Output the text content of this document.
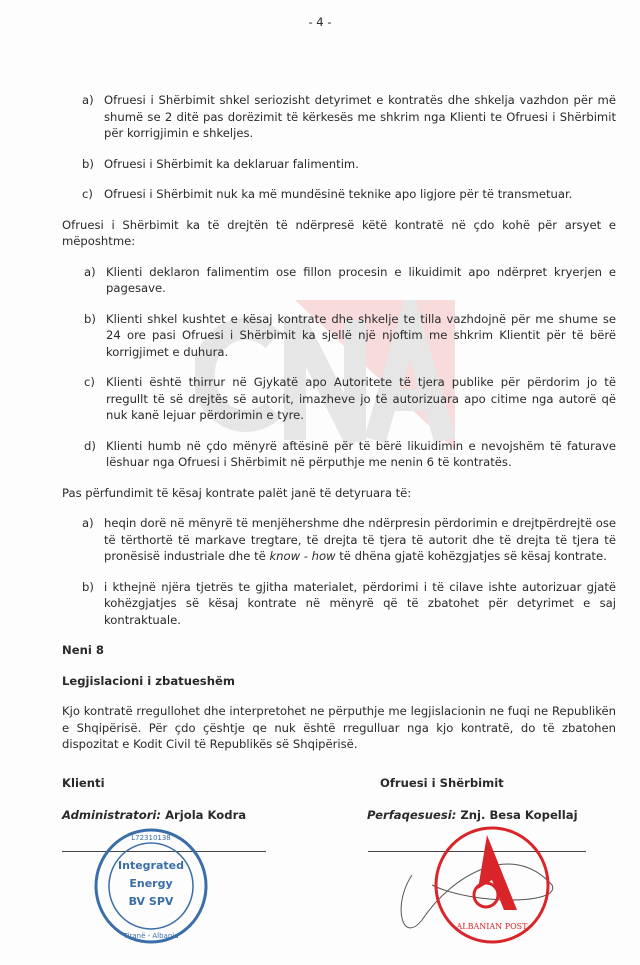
- 4 -
a) Ofruesi i Shërbimit shkel seriozisht detyrimet e kontratës dhe shkelja vazhdon për më shumë se 2 ditë pas dorëzimit të kërkesës me shkrim nga Klienti te Ofruesi i Shërbimit për korrigjimin e shkeljes.
b) Ofruesi i Shërbimit ka deklaruar falimentim.
c) Ofruesi i Shërbimit nuk ka më mundësinë teknike apo ligjore për të transmetuar.
Ofruesi i Shërbimit ka të drejtën të ndërpresë këtë kontratë në çdo kohë për arsyet e mëposhtme:
a) Klienti deklaron falimentim ose fillon procesin e likuidimit apo ndërpret kryerjen e pagesave.
b) Klienti shkel kushtet e kësaj kontrate dhe shkelje te tilla vazhdojnë për me shume se 24 ore pasi Ofruesi i Shërbimit ka sjellë një njoftim me shkrim Klientit për të bërë korrigjimet e duhura.
c) Klienti është thirrur në Gjykatë apo Autoritete të tjera publike për përdorim jo të rregullt të së drejtës së autorit, imazheve jo të autorizuara apo citime nga autorë që nuk kanë lejuar përdorimin e tyre.
d) Klienti humb në çdo mënyrë aftësinë për të bërë likuidimin e nevojshëm të faturave lëshuar nga Ofruesi i Shërbimit në përputhje me nenin 6 të kontratës.
Pas përfundimit të kësaj kontrate palët janë të detyruara të:
a) heqin dorë në mënyrë të menjëhershme dhe ndërpresin përdorimin e drejtpërdrejtë ose të tërthortë të markave tregtare, të drejta të tjera të autorit dhe të drejta të tjera të pronësisë industriale dhe të know - how të dhëna gjatë kohëzgjatjes së kësaj kontrate.
b) i kthejnë njëra tjetrës te gjitha materialet, përdorimi i të cilave ishte autorizuar gjatë kohëzgjatjes së kësaj kontrate në mënyrë që të zbatohet për detyrimet e saj kontraktuale.
Neni 8
Legjislacioni i zbatueshëm
Kjo kontratë rregullohet dhe interpretohet ne përputhje me legjislacionin ne fuqi ne Republikën e Shqipërisë. Për çdo çështje qe nuk është rregulluar nga kjo kontratë, do të zbatohen dispozitat e Kodit Civil të Republikës së Shqipërisë.
Klienti	Ofruesi i Shërbimit
Administratori: Arjola Kodra	Perfaqesuesi: Znj. Besa Kopellaj
L72310138
Integrated
Energy
BV SPV
Tiranë - Albania
ALBANIAN POST
